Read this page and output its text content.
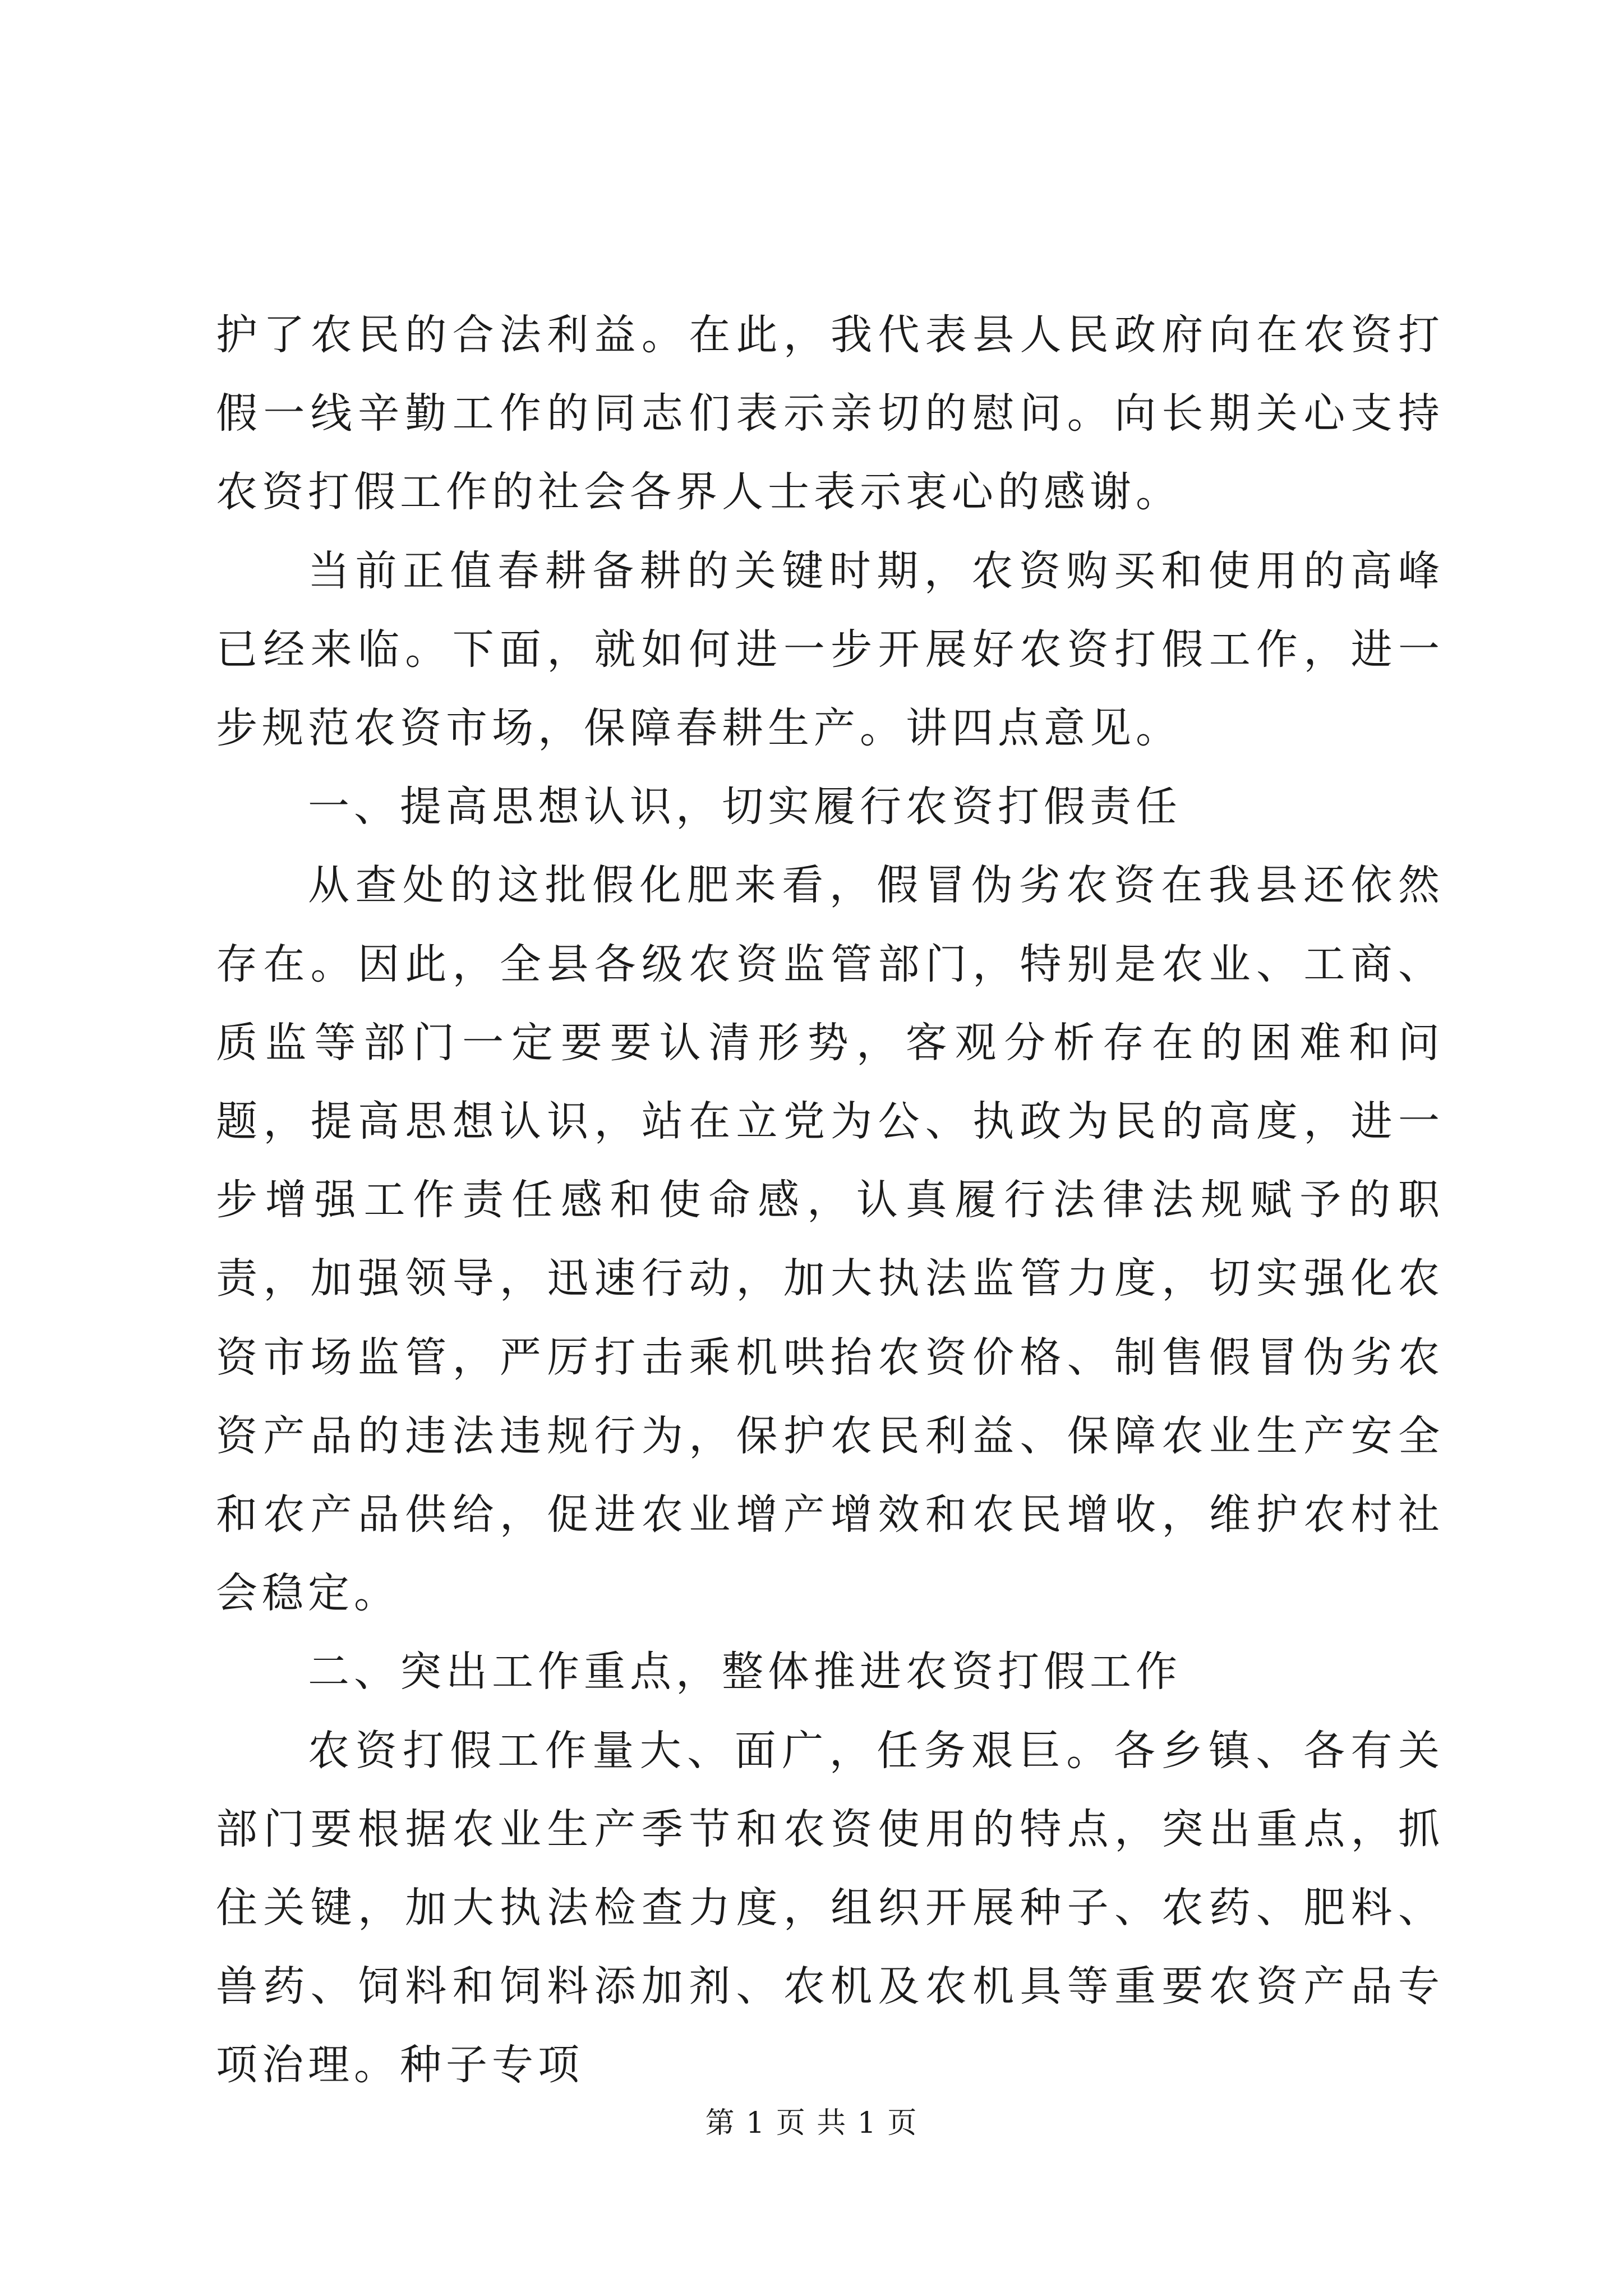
护了农民的合法利益。在此，我代表县人民政府向在农资打假一线辛勤工作的同志们表示亲切的慰问。向长期关心支持农资打假工作的社会各界人士表示衷心的感谢。

当前正值春耕备耕的关键时期，农资购买和使用的高峰已经来临。下面，就如何进一步开展好农资打假工作，进一步规范农资市场，保障春耕生产。讲四点意见。

一、提高思想认识，切实履行农资打假责任

从查处的这批假化肥来看，假冒伪劣农资在我县还依然存在。因此，全县各级农资监管部门，特别是农业、工商、质监等部门一定要要认清形势，客观分析存在的困难和问题，提高思想认识，站在立党为公、执政为民的高度，进一步增强工作责任感和使命感，认真履行法律法规赋予的职责，加强领导，迅速行动，加大执法监管力度，切实强化农资市场监管，严厉打击乘机哄抬农资价格、制售假冒伪劣农资产品的违法违规行为，保护农民利益、保障农业生产安全和农产品供给，促进农业增产增效和农民增收，维护农村社会稳定。

二、突出工作重点，整体推进农资打假工作

农资打假工作量大、面广，任务艰巨。各乡镇、各有关部门要根据农业生产季节和农资使用的特点，突出重点，抓住关键，加大执法检查力度，组织开展种子、农药、肥料、兽药、饲料和饲料添加剂、农机及农机具等重要农资产品专项治理。种子专项

第 1 页 共 1 页
